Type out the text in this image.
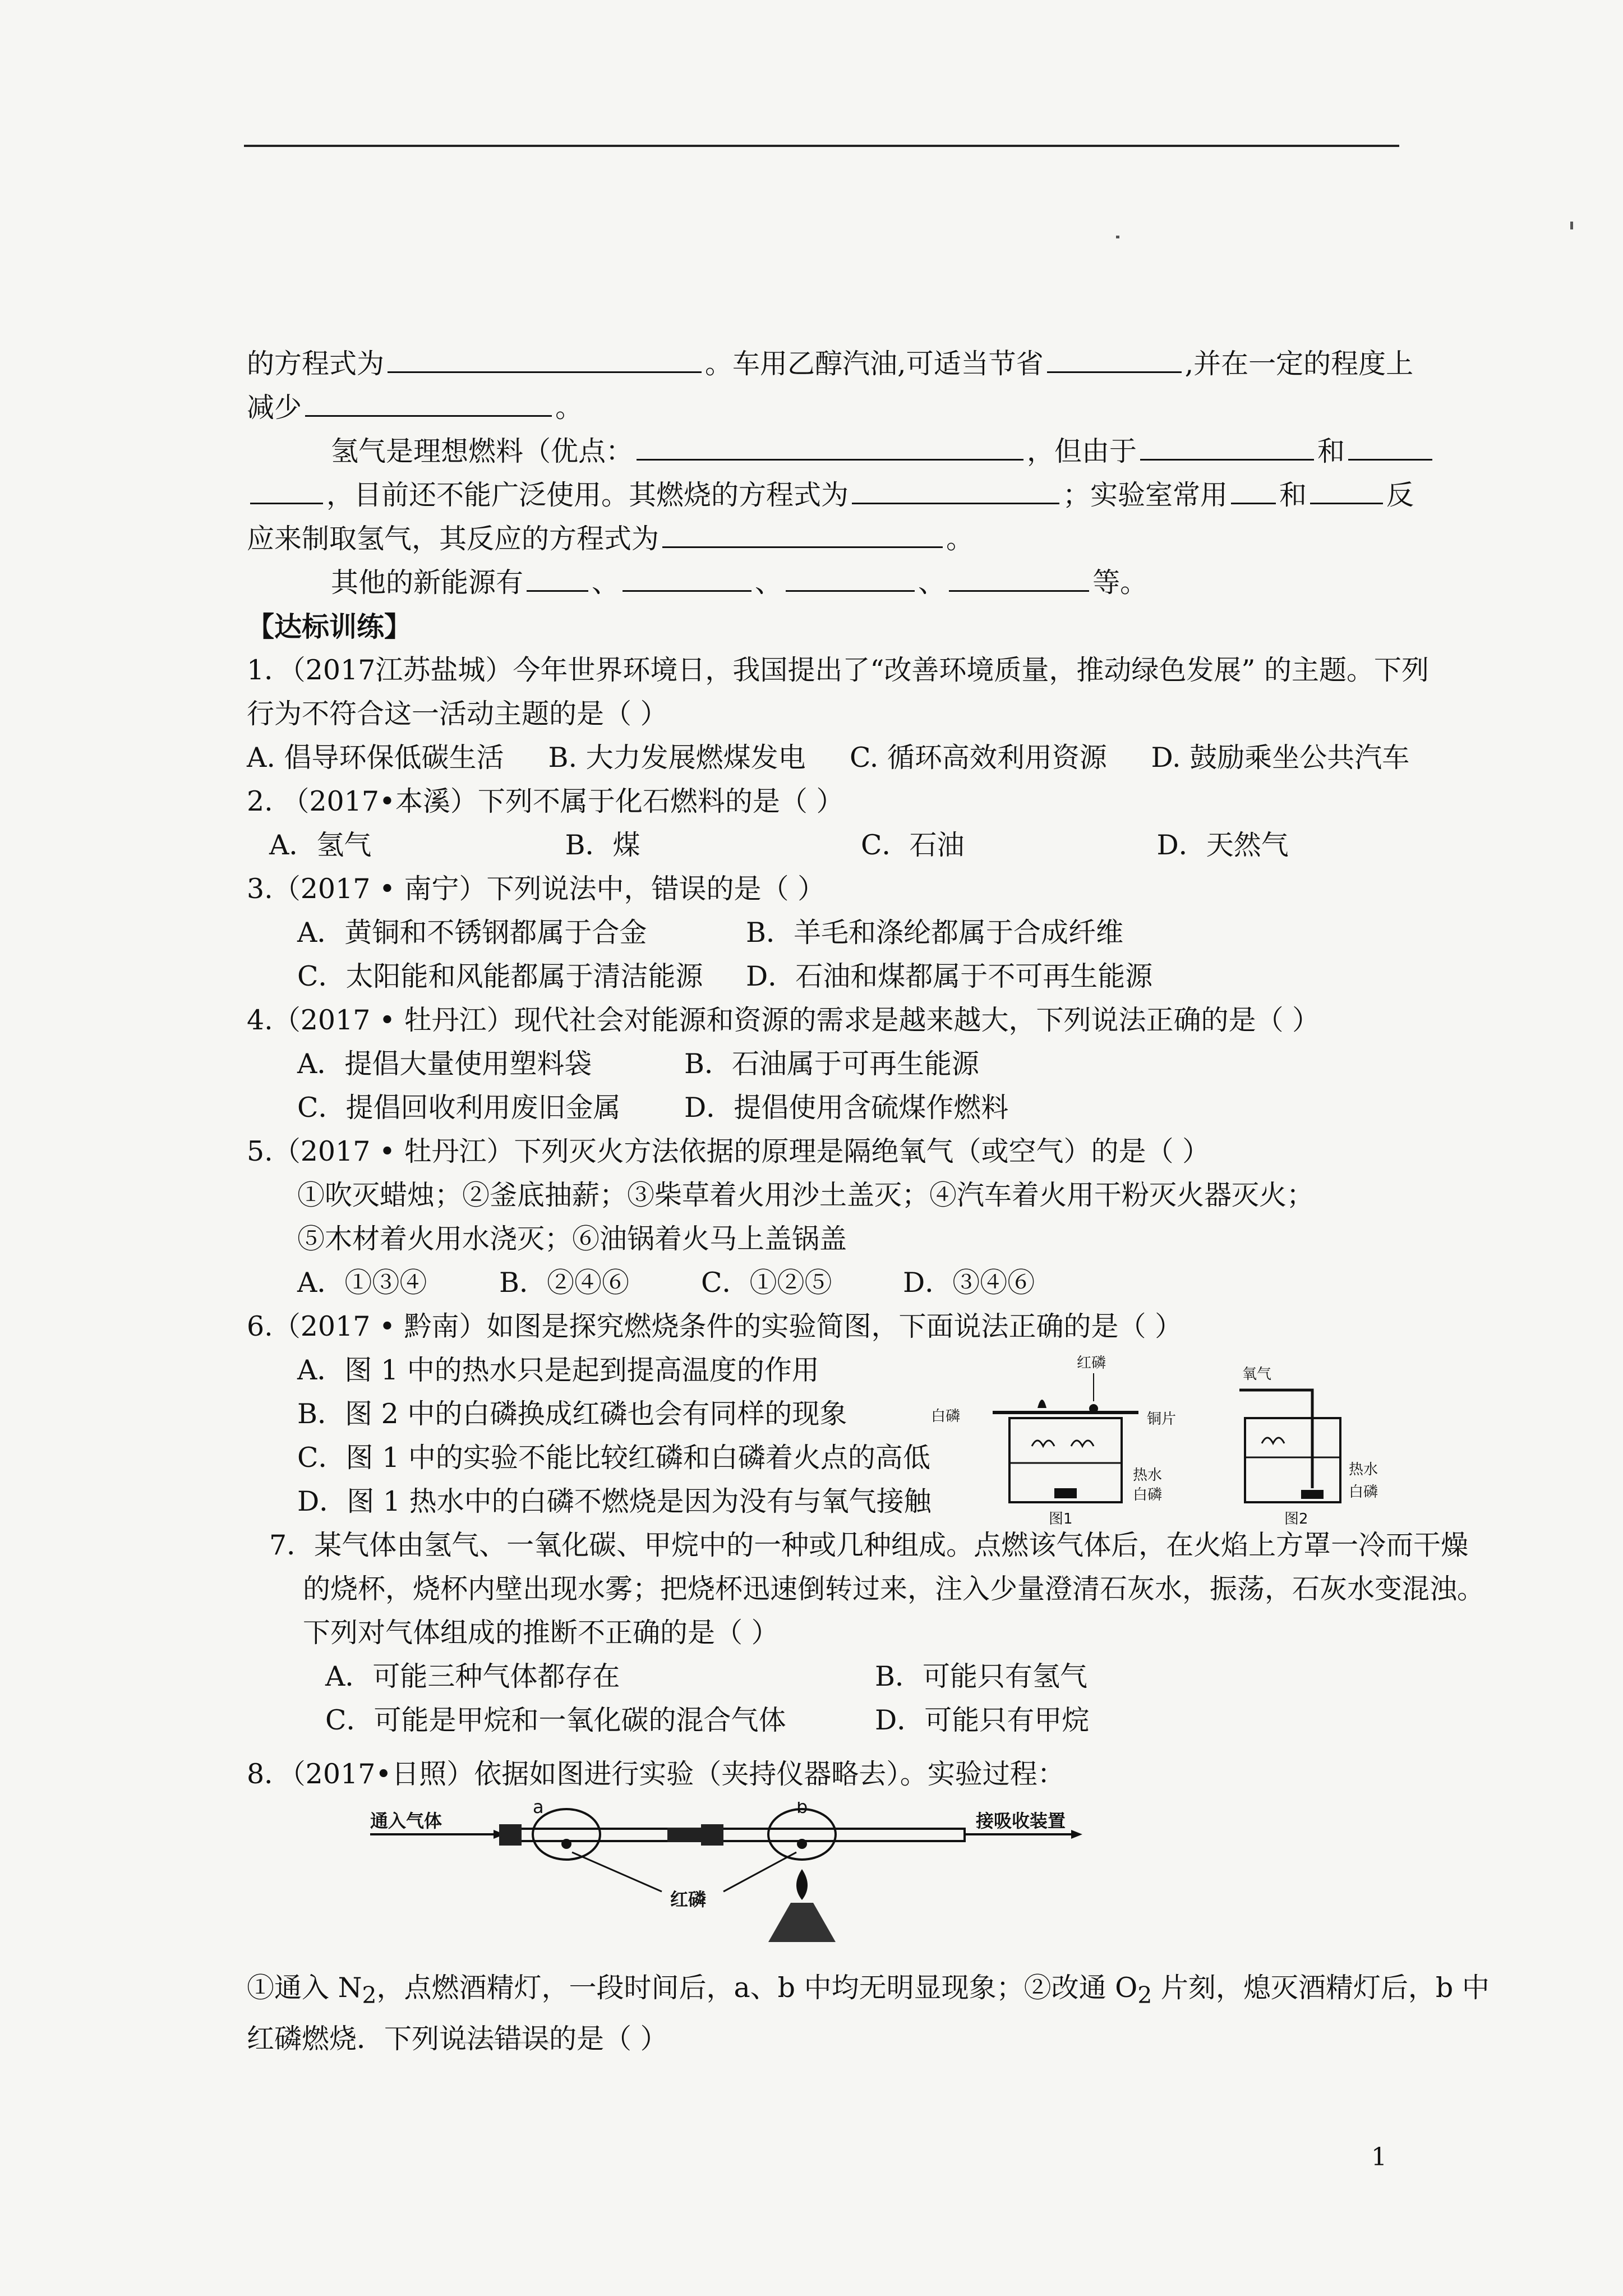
的方程式为	。车用乙醇汽油,可适当节省	,并在一定的程度上
减少	。
氢气是理想燃料（优点：	，但由于	和
，目前还不能广泛使用。其燃烧的方程式为	；实验室常用 和	反
应来制取氢气，其反应的方程式为	。
其他的新能源有 、	、	、	等。
【达标训练】
1．（2017江苏盐城）今年世界环境日，我国提出了“改善环境质量，推动绿色发展” 的主题。下列
行为不符合这一活动主题的是（ ）
A. 倡导环保低碳生活	B. 大力发展燃煤发电	C. 循环高效利用资源	D. 鼓励乘坐公共汽车
2. （2017•本溪）下列不属于化石燃料的是（ ）
A．氢气	B．煤	C．石油	D．天然气
3.（2017 • 南宁）下列说法中，错误的是（ ）
A．黄铜和不锈钢都属于合金	B．羊毛和涤纶都属于合成纤维
C．太阳能和风能都属于清洁能源	D．石油和煤都属于不可再生能源
4.（2017 • 牡丹江）现代社会对能源和资源的需求是越来越大，下列说法正确的是（ ）
A．提倡大量使用塑料袋	B．石油属于可再生能源
C．提倡回收利用废旧金属	D．提倡使用含硫煤作燃料
5.（2017 • 牡丹江）下列灭火方法依据的原理是隔绝氧气（或空气）的是（ ）
①吹灭蜡烛；②釜底抽薪；③柴草着火用沙土盖灭；④汽车着火用干粉灭火器灭火；
⑤木材着火用水浇灭；⑥油锅着火马上盖锅盖
A．①③④	B．②④⑥	C．①②⑤	D．③④⑥
6.（2017 • 黔南）如图是探究燃烧条件的实验简图，下面说法正确的是（ ）
A．图 1 中的热水只是起到提高温度的作用
B．图 2 中的白磷换成红磷也会有同样的现象
C．图 1 中的实验不能比较红磷和白磷着火点的高低
D．图 1 热水中的白磷不燃烧是因为没有与氧气接触
红磷
白磷	铜片
热水
白磷
图1
氧气
热水
白磷
图2
7．某气体由氢气、一氧化碳、甲烷中的一种或几种组成。点燃该气体后，在火焰上方罩一冷而干燥
的烧杯，烧杯内壁出现水雾；把烧杯迅速倒转过来，注入少量澄清石灰水，振荡，石灰水变混浊。
下列对气体组成的推断不正确的是（ ）
A．可能三种气体都存在	B．可能只有氢气
C．可能是甲烷和一氧化碳的混合气体	D．可能只有甲烷
8．（2017•日照）依据如图进行实验（夹持仪器略去）。实验过程：
通入气体
a	b
红磷
接吸收装置
①通入 $N_2$，点燃酒精灯，一段时间后，a、b 中均无明显现象；②改通 $O_2$ 片刻，熄灭酒精灯后，b 中
红磷燃烧．下列说法错误的是（ ）
1
